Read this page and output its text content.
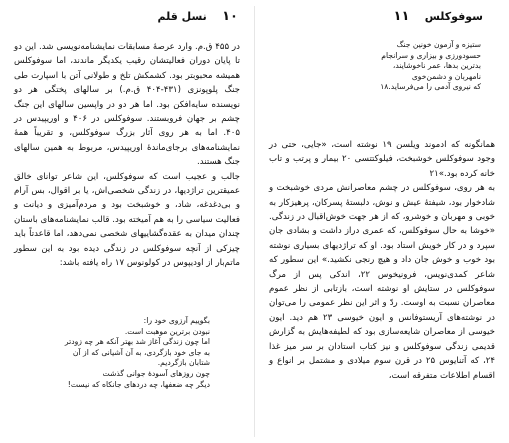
١٠    نسل قلم

در ۴۵۵ ق.م. وارد عرصهٔ مسابقات نمایشنامه‌نویسی شد. این دو تا پایان دوران فعالیتشان رقیب یکدیگر ماندند، اما سوفوکلس همیشه محبوبتر بود. کشمکش تلخ و طولانی آتن با اسپارت طی جنگ پلوپونزی (۴۳۱-۴۰۴ ق.م.) بر سالهای پختگی هر دو نویسنده سایه‌افکن بود. اما هر دو در واپسین سالهای این جنگ چشم بر جهان فروبستند. سوفوکلس در ۴۰۶ و اوریپیدس در ۴۰۵. اما به هر روی آثار بزرگ سوفوکلس، و تقریباً همهٔ نمایشنامه‌های برجای‌مانده‌ٔ اوریپیدس، مربوط به همین سالهای جنگ هستند.

جالب و عجیب است که سوفوکلس، این شاعر توانای خالق عمیقترین تراژدیها، در زندگی شخصی‌اش، یا بر اقوال، بس آرام و بی‌دغدغه، شاد، و خوشبخت بود و مردم‌آمیزی و دیانت و فعالیت سیاسی را به هم آمیخته بود. قالب نمایشنامه‌های باستان چندان میدان به عقده‌گشاییهای شخصی نمی‌دهد، اما قاعدتاً باید چیزکی از آنچه سوفوکلس در زندگی دیده بود به این سطور ماتم‌بار از اودیپوس در کولونوس ۱۷ راه یافته باشد:

بگوییم آرزوی خود را:
نبودن برترین موهبت است.
اما چون زندگی آغاز شد بهتر آنکه هر چه زودتر
به جای خود بازگردی، به آن آشیانی که از آن
شتابان بازگردیم.
چون روزهای آسودهٔ جوانی گذشت
دیگر چه ضعفها، چه دردهای جانکاه که نیست!
سوفوکلس    ١١
ستیزه و آزمون خونین جنگ
حسودورزی و بیزاری و سرانجام
بدترین بدها، عمر ناخوشایند،
نامهربان و دشمن‌خوی
که نیروی آدمی را می‌فرساید.۱۸

همانگونه که ادموند ویلسن ۱۹ نوشته است، «جایی، حتی در وجود سوفوکلس خوشبخت، فیلوکتتسی ۲۰ بیمار و پرتب و تاب خانه کرده بود.»۲۱

به هر روی، سوفوکلس در چشم معاصرانش مردی خوشبخت و شادخوار بود، شیفتهٔ عیش و نوش، دلبستهٔ پسرکان، پرهیزکار به خوبی و مهربان و خوشرو، که از هر جهت خوش‌اقبال در زندگی. «خوشا به حال سوفوکلس، که عمری دراز داشت و بشادی جان سپرد و در کار خویش استاد بود. او که تراژدیهای بسیاری نوشته بود خوب و خوش جان داد و هیچ رنجی نکشید.» این سطور که شاعر کمدی‌نویس، فرونیخوس ۲۲، اندکی پس از مرگ سوفوکلس در ستایش او نوشته است، بازتابی از نظر عموم معاصران نسبت به اوست. ردّ و اثر این نظر عمومی را می‌توان در نوشته‌های آریستوفانس و ایون خیوسی ۲۳ هم دید. ایون خیوسی از معاصران شایعه‌سازی بود که لطیفه‌هایش به گزارش قدیمی زندگی سوفوکلس و نیز کتاب استادان بر سر میز غذا ۲۴، که آتنایوس ۲۵ در قرن سوم میلادی و مشتمل بر انواع و اقسام اطلاعات متفرقه است،
